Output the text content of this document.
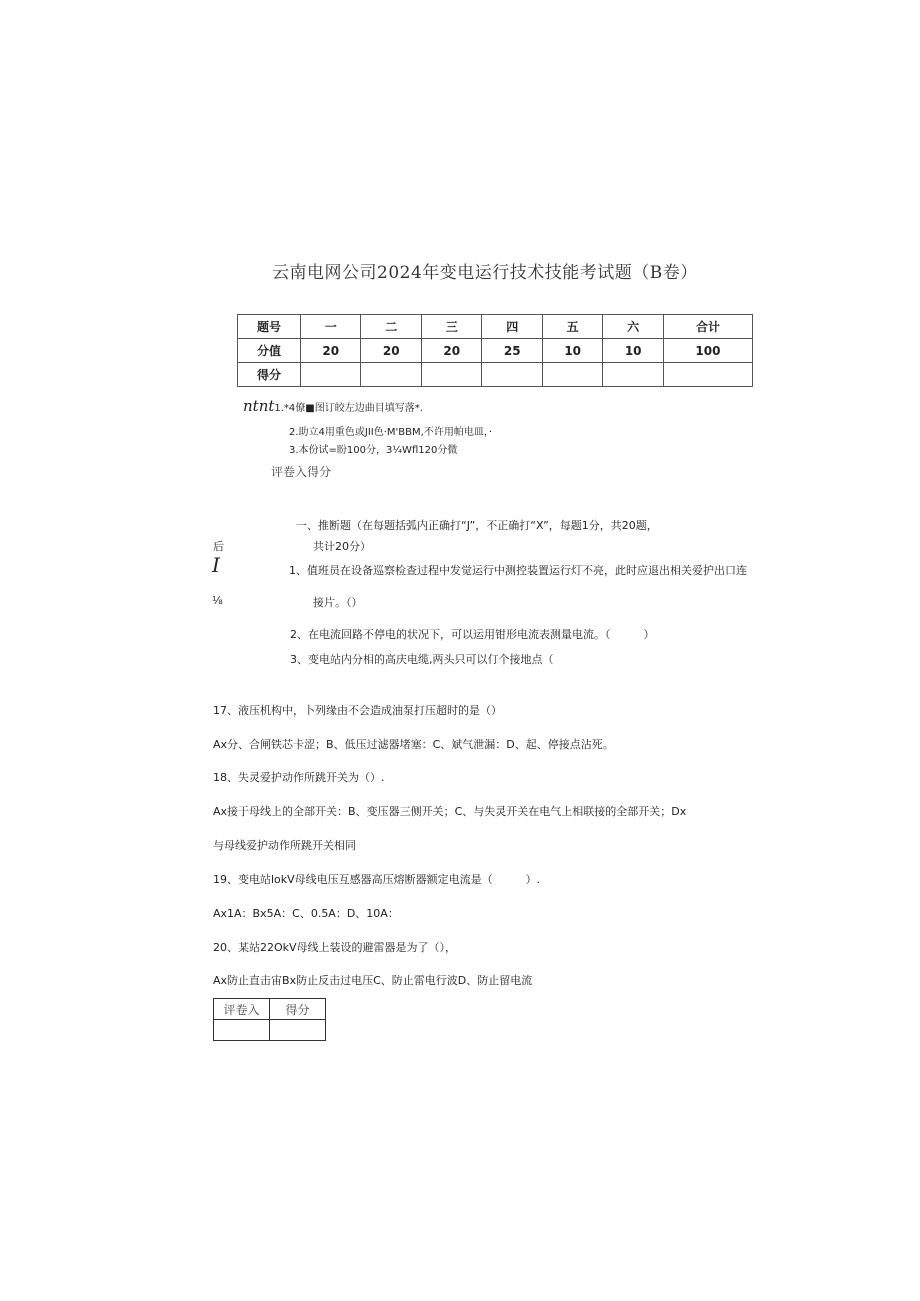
云南电网公司2024年变电运行技术技能考试题（B卷）
题号	一	二	三	四	五	六	合计
分值	20	20	20	25	10	10	100
得分							
ntnt1.*4僚■图订皎左边曲目填写落*.
2.助立4用重色或JII色·M'BBM,不许用帕电皿，·
3.本份试=盼100分，3¼Wfl120分微
评卷入得分
一、推断题（在每题括弧内正确打“J”，不正确打“X”，每题1分，共20题，
后	共计20分）
I	1、值班员在设备巡察检查过程中发觉运行中测控装置运行灯不亮，此时应退出相关爱护出口连
⅛	接片。（）
2、在电流回路不停电的状况下，可以运用钳形电流表测量电流。（　　　）
3、变电站内分相的高庆电缆,两头只可以仃个接地点（
17、液压机构中，卜列缘由不会造成油泵打压超时的是（）
Ax分、合闸铁芯卡涩；B、低压过滤器堵塞：C、斌气泄漏：D、起、停接点沾死。
18、失灵爱护动作所跳开关为（）.
Ax接于母线上的全部开关：B、变压器三侧开关；C、与失灵开关在电气上相联接的全部开关；Dx
与母线爱护动作所跳开关相同
19、变电站lokV母线电压互感器高压熔断器额定电流是（　　　）.
Ax1A：Bx5A：C、0.5A：D、10A：
20、某站22OkV母线上装设的避雷器是为了（），
Ax防止直击宙Bx防止反击过电压C、防止雷电行波D、防止留电流
评卷入	得分
